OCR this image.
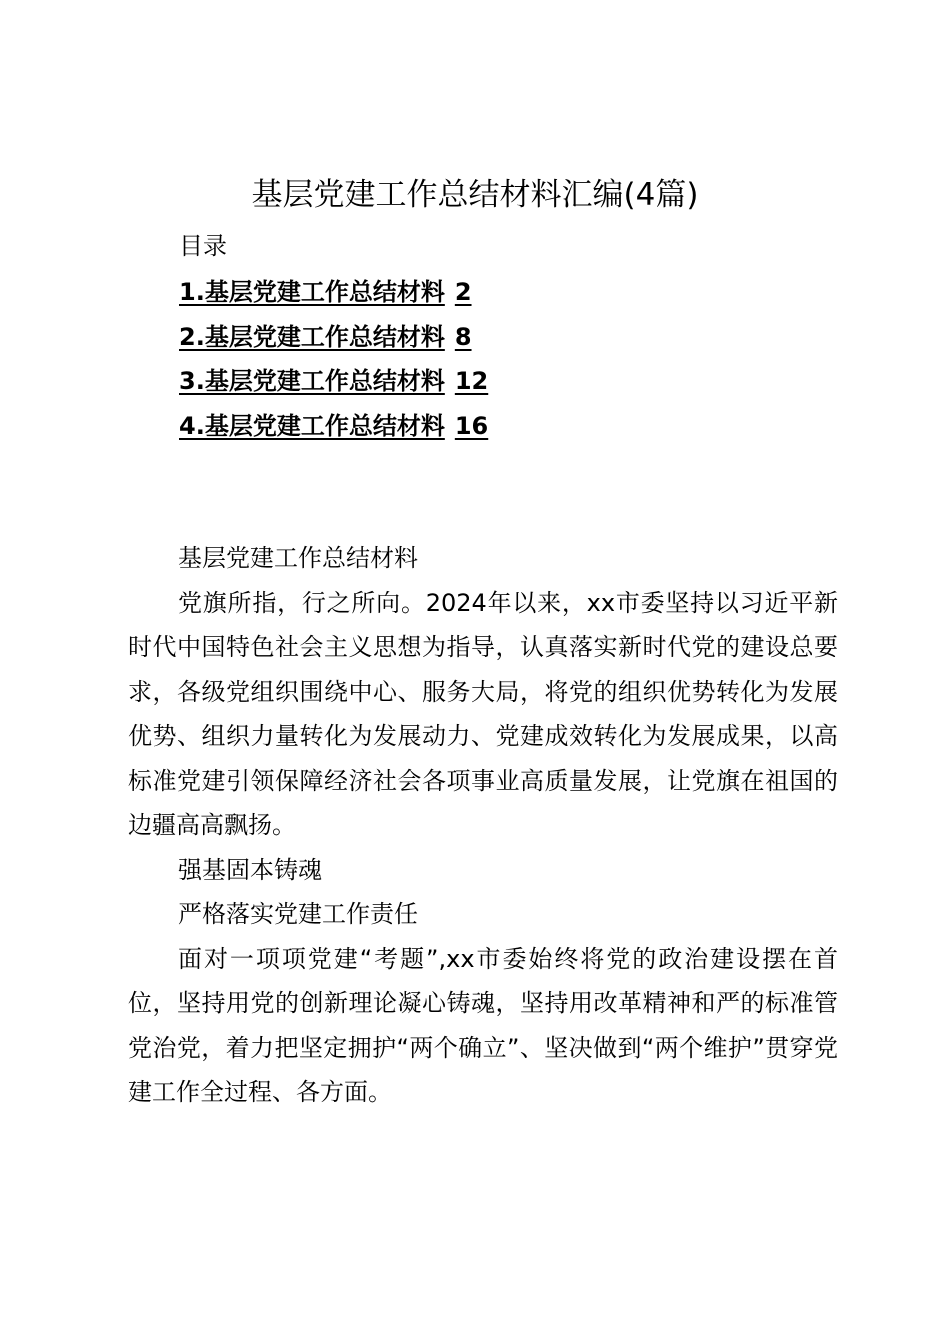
基层党建工作总结材料汇编(4篇)
目录
1.基层党建工作总结材料 2
2.基层党建工作总结材料 8
3.基层党建工作总结材料 12
4.基层党建工作总结材料 16

基层党建工作总结材料

党旗所指，行之所向。2024年以来，xx市委坚持以习近平新时代中国特色社会主义思想为指导，认真落实新时代党的建设总要求，各级党组织围绕中心、服务大局，将党的组织优势转化为发展优势、组织力量转化为发展动力、党建成效转化为发展成果，以高标准党建引领保障经济社会各项事业高质量发展，让党旗在祖国的边疆高高飘扬。

强基固本铸魂

严格落实党建工作责任

面对一项项党建“考题”,xx市委始终将党的政治建设摆在首位，坚持用党的创新理论凝心铸魂，坚持用改革精神和严的标准管党治党，着力把坚定拥护“两个确立”、坚决做到“两个维护”贯穿党建工作全过程、各方面。
